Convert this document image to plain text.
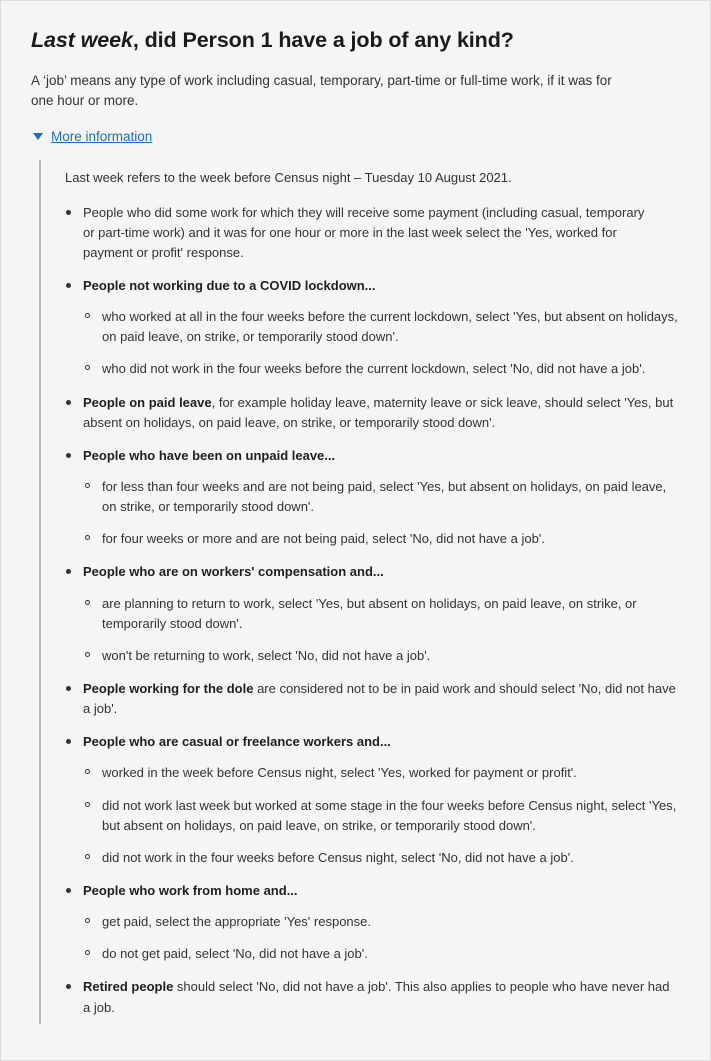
Last week, did Person 1 have a job of any kind?

A ‘job’ means any type of work including casual, temporary, part-time or full-time work, if it was for one hour or more.

More information

Last week refers to the week before Census night – Tuesday 10 August 2021.

People who did some work for which they will receive some payment (including casual, temporary or part-time work) and it was for one hour or more in the last week select the 'Yes, worked for payment or profit' response.
People not working due to a COVID lockdown...
who worked at all in the four weeks before the current lockdown, select 'Yes, but absent on holidays, on paid leave, on strike, or temporarily stood down'.
who did not work in the four weeks before the current lockdown, select 'No, did not have a job'.
People on paid leave, for example holiday leave, maternity leave or sick leave, should select 'Yes, but absent on holidays, on paid leave, on strike, or temporarily stood down'.
People who have been on unpaid leave...
for less than four weeks and are not being paid, select 'Yes, but absent on holidays, on paid leave, on strike, or temporarily stood down'.
for four weeks or more and are not being paid, select 'No, did not have a job'.
People who are on workers' compensation and...
are planning to return to work, select 'Yes, but absent on holidays, on paid leave, on strike, or temporarily stood down'.
won't be returning to work, select 'No, did not have a job'.
People working for the dole are considered not to be in paid work and should select 'No, did not have a job'.
People who are casual or freelance workers and...
worked in the week before Census night, select 'Yes, worked for payment or profit'.
did not work last week but worked at some stage in the four weeks before Census night, select 'Yes, but absent on holidays, on paid leave, on strike, or temporarily stood down'.
did not work in the four weeks before Census night, select 'No, did not have a job'.
People who work from home and...
get paid, select the appropriate 'Yes' response.
do not get paid, select 'No, did not have a job'.
Retired people should select 'No, did not have a job'. This also applies to people who have never had a job.
